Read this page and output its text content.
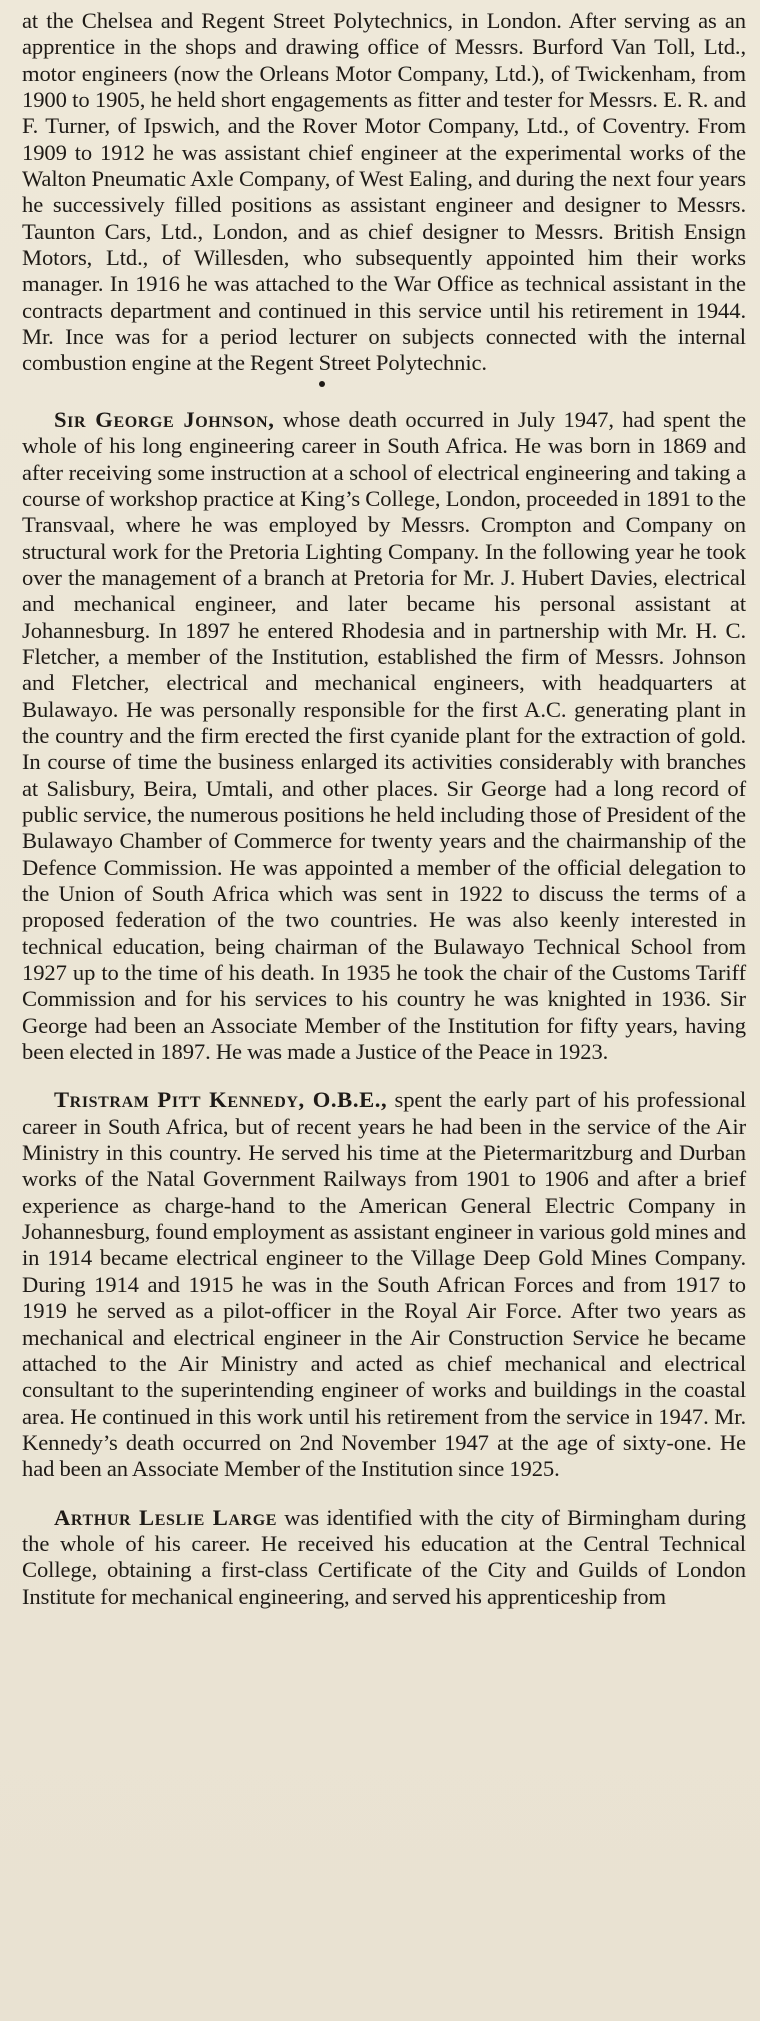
at the Chelsea and Regent Street Polytechnics, in London. After serving as an apprentice in the shops and drawing office of Messrs. Burford Van Toll, Ltd., motor engineers (now the Orleans Motor Company, Ltd.), of Twickenham, from 1900 to 1905, he held short engagements as fitter and tester for Messrs. E. R. and F. Turner, of Ipswich, and the Rover Motor Company, Ltd., of Coventry. From 1909 to 1912 he was assistant chief engineer at the experimental works of the Walton Pneumatic Axle Company, of West Ealing, and during the next four years he successively filled positions as assistant engineer and designer to Messrs. Taunton Cars, Ltd., London, and as chief designer to Messrs. British Ensign Motors, Ltd., of Willesden, who subsequently appointed him their works manager. In 1916 he was attached to the War Office as technical assistant in the contracts department and continued in this service until his retirement in 1944. Mr. Ince was for a period lecturer on subjects connected with the internal combustion engine at the Regent Street Polytechnic.

Sir George Johnson, whose death occurred in July 1947, had spent the whole of his long engineering career in South Africa. He was born in 1869 and after receiving some instruction at a school of electrical engineering and taking a course of workshop practice at King’s College, London, proceeded in 1891 to the Transvaal, where he was employed by Messrs. Crompton and Company on structural work for the Pretoria Lighting Company. In the following year he took over the management of a branch at Pretoria for Mr. J. Hubert Davies, electrical and mechanical engineer, and later became his personal assistant at Johannesburg. In 1897 he entered Rhodesia and in partnership with Mr. H. C. Fletcher, a member of the Institution, established the firm of Messrs. Johnson and Fletcher, electrical and mechanical engineers, with headquarters at Bulawayo. He was personally responsible for the first A.C. generating plant in the country and the firm erected the first cyanide plant for the extraction of gold. In course of time the business enlarged its activities considerably with branches at Salisbury, Beira, Umtali, and other places. Sir George had a long record of public service, the numerous positions he held including those of President of the Bulawayo Chamber of Commerce for twenty years and the chairmanship of the Defence Commission. He was appointed a member of the official delegation to the Union of South Africa which was sent in 1922 to discuss the terms of a proposed federation of the two countries. He was also keenly interested in technical education, being chairman of the Bulawayo Technical School from 1927 up to the time of his death. In 1935 he took the chair of the Customs Tariff Commission and for his services to his country he was knighted in 1936. Sir George had been an Associate Member of the Institution for fifty years, having been elected in 1897. He was made a Justice of the Peace in 1923.

Tristram Pitt Kennedy, O.B.E., spent the early part of his professional career in South Africa, but of recent years he had been in the service of the Air Ministry in this country. He served his time at the Pietermaritzburg and Durban works of the Natal Government Railways from 1901 to 1906 and after a brief experience as charge-hand to the American General Electric Company in Johannesburg, found employment as assistant engineer in various gold mines and in 1914 became electrical engineer to the Village Deep Gold Mines Company. During 1914 and 1915 he was in the South African Forces and from 1917 to 1919 he served as a pilot-officer in the Royal Air Force. After two years as mechanical and electrical engineer in the Air Construction Service he became attached to the Air Ministry and acted as chief mechanical and electrical consultant to the superintending engineer of works and buildings in the coastal area. He continued in this work until his retirement from the service in 1947. Mr. Kennedy’s death occurred on 2nd November 1947 at the age of sixty-one. He had been an Associate Member of the Institution since 1925.

Arthur Leslie Large was identified with the city of Birmingham during the whole of his career. He received his education at the Central Technical College, obtaining a first-class Certificate of the City and Guilds of London Institute for mechanical engineering, and served his apprenticeship from
